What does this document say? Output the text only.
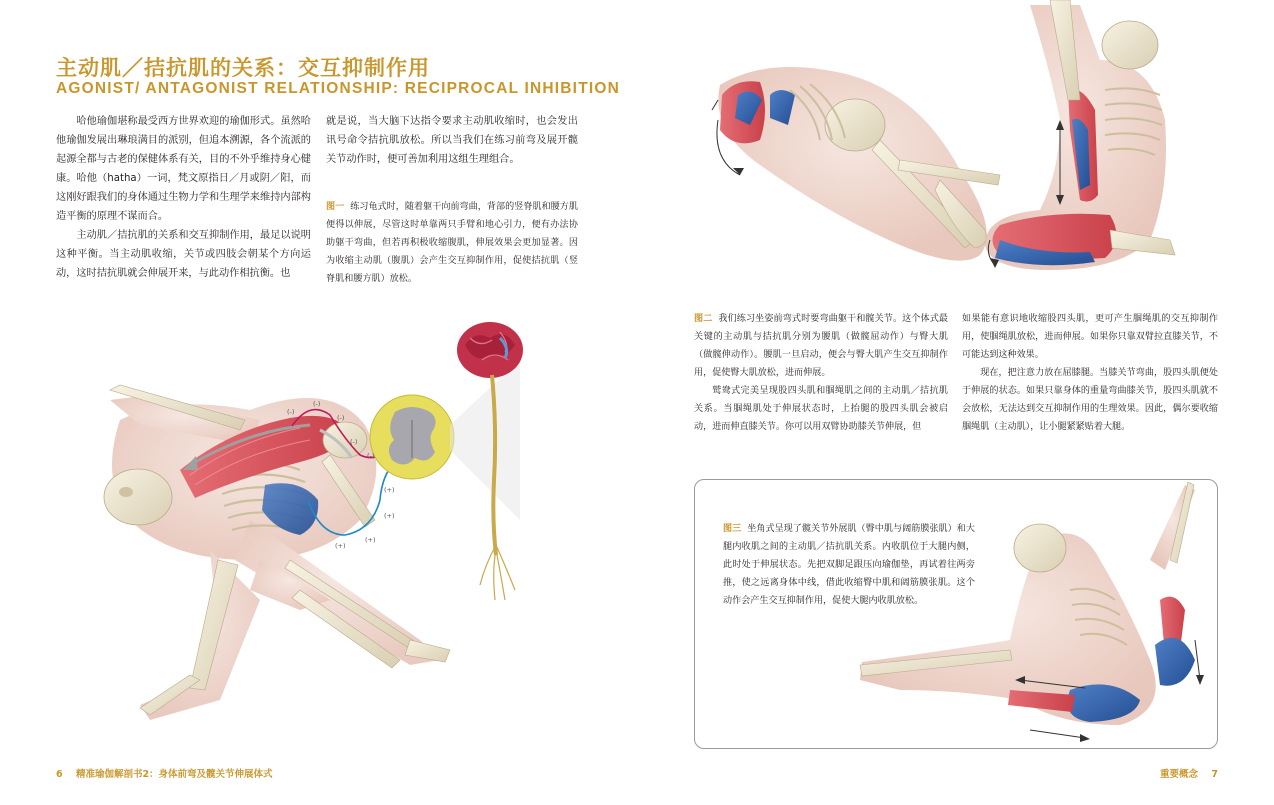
主动肌／拮抗肌的关系：交互抑制作用
AGONIST/ ANTAGONIST RELATIONSHIP: RECIPROCAL INHIBITION

哈他瑜伽堪称最受西方世界欢迎的瑜伽形式。虽然哈他瑜伽发展出琳琅满目的派别，但追本溯源，各个流派的起源全都与古老的保健体系有关，目的不外乎维持身心健康。哈他（hatha）一词，梵文原指日／月或阴／阳，而这刚好跟我们的身体通过生物力学和生理学来维持内部构造平衡的原理不谋而合。

主动肌／拮抗肌的关系和交互抑制作用，最足以说明这种平衡。当主动肌收缩，关节或四肢会朝某个方向运动，这时拮抗肌就会伸展开来，与此动作相抗衡。也

就是说，当大脑下达指令要求主动肌收缩时，也会发出讯号命令拮抗肌放松。所以当我们在练习前弯及展开髋关节动作时，便可善加利用这组生理组合。

图一 练习龟式时，随着躯干向前弯曲，背部的竖脊肌和腰方肌便得以伸展，尽管这时单靠两只手臂和地心引力，便有办法协助躯干弯曲，但若再积极收缩腹肌，伸展效果会更加显著。因为收缩主动肌（腹肌）会产生交互抑制作用，促使拮抗肌（竖脊肌和腰方肌）放松。

(-)
(-)
(-)
(-)
(-)
(+)
(+)
(+)
(+)
6 精准瑜伽解剖书2：身体前弯及髋关节伸展体式

图二 我们练习坐姿前弯式时要弯曲躯干和髋关节。这个体式最关键的主动肌与拮抗肌分别为腰肌（做髋屈动作）与臀大肌（做髋伸动作）。腰肌一旦启动，便会与臀大肌产生交互抑制作用，促使臀大肌放松，进而伸展。

鹫鸯式完美呈现股四头肌和腘绳肌之间的主动肌／拮抗肌关系。当腘绳肌处于伸展状态时，上抬腿的股四头肌会被启动，进而伸直膝关节。你可以用双臂协助膝关节伸展，但

如果能有意识地收缩股四头肌，更可产生腘绳肌的交互抑制作用，使腘绳肌放松，进而伸展。如果你只靠双臂拉直膝关节，不可能达到这种效果。

现在，把注意力放在屈膝腿。当膝关节弯曲，股四头肌便处于伸展的状态。如果只靠身体的重量弯曲膝关节，股四头肌就不会放松，无法达到交互抑制作用的生理效果。因此，偶尔要收缩腘绳肌（主动肌），让小腿紧紧贴着大腿。

图三 坐角式呈现了髋关节外展肌（臀中肌与阔筋膜张肌）和大腿内收肌之间的主动肌／拮抗肌关系。内收肌位于大腿内侧，此时处于伸展状态。先把双脚足跟压向瑜伽垫，再试着往两旁推，使之远离身体中线，借此收缩臀中肌和阔筋膜张肌。这个动作会产生交互抑制作用，促使大腿内收肌放松。

重要概念 7
